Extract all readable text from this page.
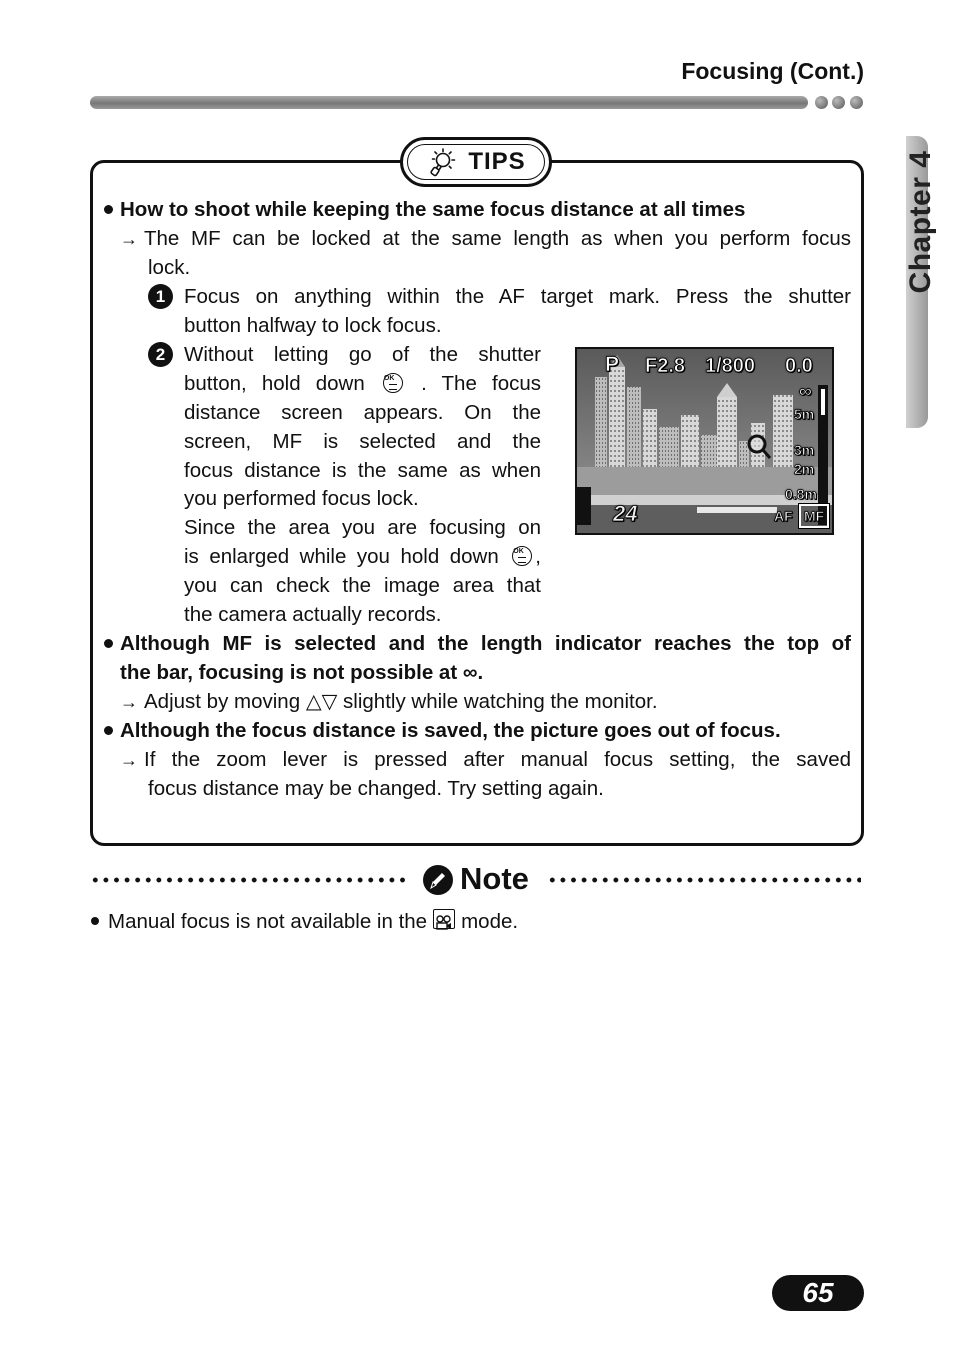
Focusing (Cont.)
Chapter 4
TIPS
How to shoot while keeping the same focus distance at all times
→ The MF can be locked at the same length as when you perform focus
lock.
1 Focus on anything within the AF target mark. Press the shutter
button halfway to lock focus.
2 Without letting go of the shutter
button, hold down OK	. The focus
distance screen appears. On the
screen, MF is selected and the
focus distance is the same as when
you performed focus lock.
Since the area you are focusing on
is enlarged while you hold down OK ,
you can check the image area that
the camera actually records.
P F2.8 1/800 0.0
∞
5m
3m
2m
0.8m
24	AF MF
Although MF is selected and the length indicator reaches the top of
the bar, focusing is not possible at ∞.
→ Adjust by moving △▽ slightly while watching the monitor.
Although the focus distance is saved, the picture goes out of focus.
→ If the zoom lever is pressed after manual focus setting, the saved
focus distance may be changed. Try setting again.
Note
Manual focus is not available in the mode.
65
